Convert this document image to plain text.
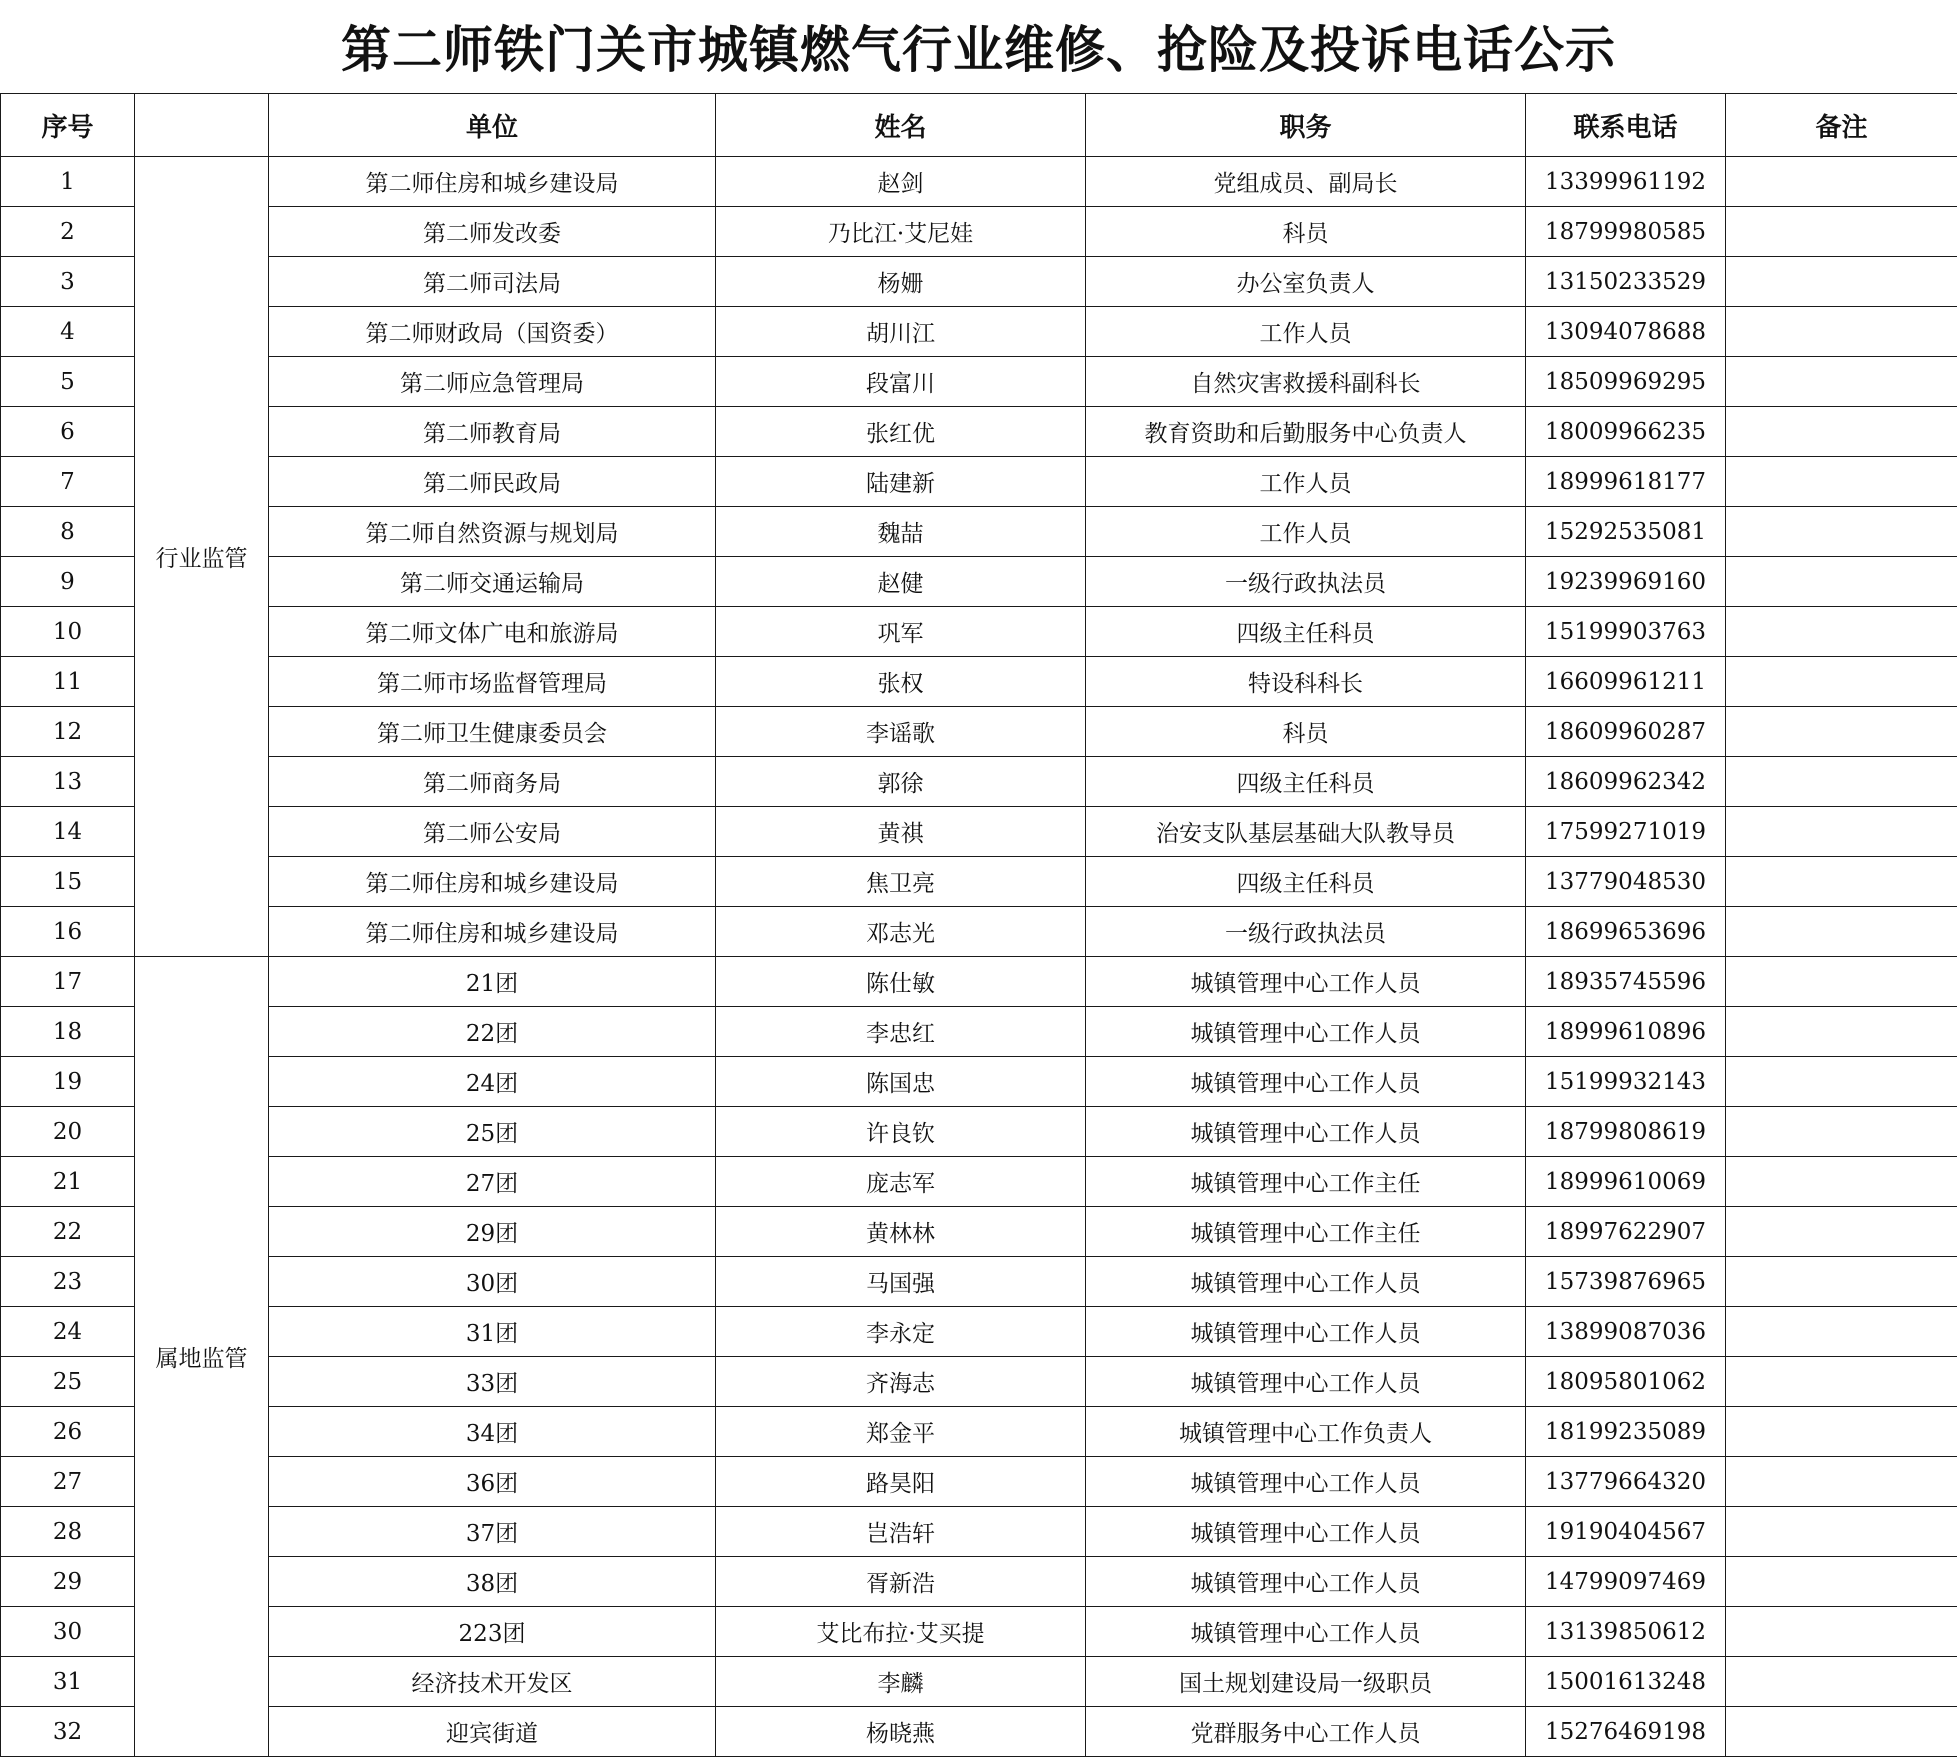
第二师铁门关市城镇燃气行业维修、抢险及投诉电话公示
序号		单位	姓名	职务	联系电话	备注
1	行业监管	第二师住房和城乡建设局	赵剑	党组成员、副局长	13399961192	
2		第二师发改委	乃比江·艾尼娃	科员	18799980585	
3		第二师司法局	杨姗	办公室负责人	13150233529	
4		第二师财政局（国资委）	胡川江	工作人员	13094078688	
5		第二师应急管理局	段富川	自然灾害救援科副科长	18509969295	
6		第二师教育局	张红优	教育资助和后勤服务中心负责人	18009966235	
7		第二师民政局	陆建新	工作人员	18999618177	
8		第二师自然资源与规划局	魏喆	工作人员	15292535081	
9		第二师交通运输局	赵健	一级行政执法员	19239969160	
10		第二师文体广电和旅游局	巩军	四级主任科员	15199903763	
11		第二师市场监督管理局	张权	特设科科长	16609961211	
12		第二师卫生健康委员会	李谣歌	科员	18609960287	
13		第二师商务局	郭徐	四级主任科员	18609962342	
14		第二师公安局	黄祺	治安支队基层基础大队教导员	17599271019	
15		第二师住房和城乡建设局	焦卫亮	四级主任科员	13779048530	
16		第二师住房和城乡建设局	邓志光	一级行政执法员	18699653696	
17	属地监管	21团	陈仕敏	城镇管理中心工作人员	18935745596	
18		22团	李忠红	城镇管理中心工作人员	18999610896	
19		24团	陈国忠	城镇管理中心工作人员	15199932143	
20		25团	许良钦	城镇管理中心工作人员	18799808619	
21		27团	庞志军	城镇管理中心工作主任	18999610069	
22		29团	黄林林	城镇管理中心工作主任	18997622907	
23		30团	马国强	城镇管理中心工作人员	15739876965	
24		31团	李永定	城镇管理中心工作人员	13899087036	
25		33团	齐海志	城镇管理中心工作人员	18095801062	
26		34团	郑金平	城镇管理中心工作负责人	18199235089	
27		36团	路昊阳	城镇管理中心工作人员	13779664320	
28		37团	岂浩轩	城镇管理中心工作人员	19190404567	
29		38团	胥新浩	城镇管理中心工作人员	14799097469	
30		223团	艾比布拉·艾买提	城镇管理中心工作人员	13139850612	
31		经济技术开发区	李麟	国土规划建设局一级职员	15001613248	
32		迎宾街道	杨晓燕	党群服务中心工作人员	15276469198	
